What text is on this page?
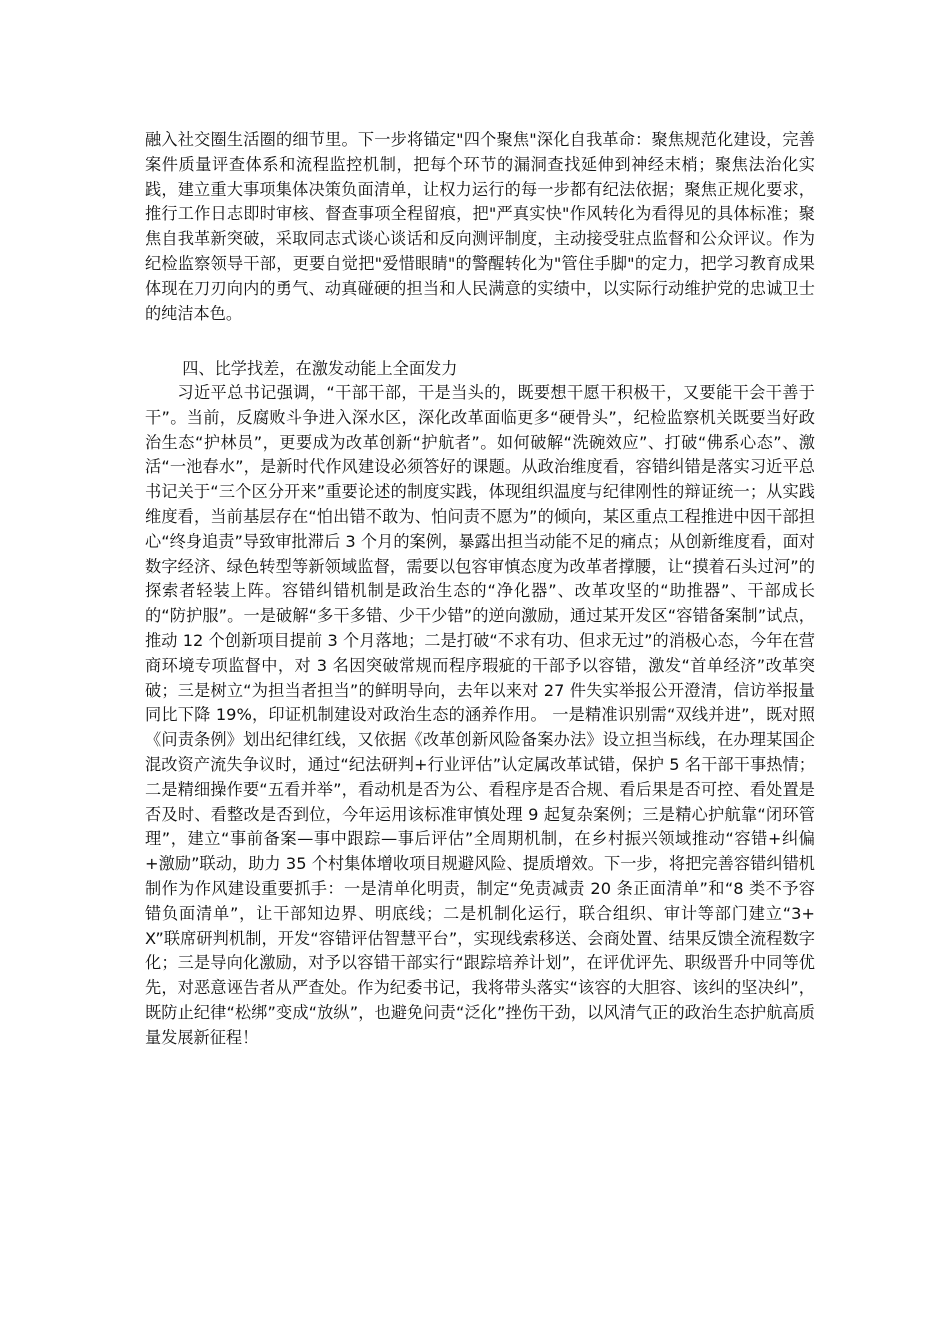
融入社交圈生活圈的细节里。下一步将锚定"四个聚焦"深化自我革命：聚焦规范化建设，完善案件质量评查体系和流程监控机制，把每个环节的漏洞查找延伸到神经末梢；聚焦法治化实践，建立重大事项集体决策负面清单，让权力运行的每一步都有纪法依据；聚焦正规化要求，推行工作日志即时审核、督查事项全程留痕，把"严真实快"作风转化为看得见的具体标准；聚焦自我革新突破，采取同志式谈心谈话和反向测评制度，主动接受驻点监督和公众评议。作为纪检监察领导干部，更要自觉把"爱惜眼睛"的警醒转化为"管住手脚"的定力，把学习教育成果体现在刀刃向内的勇气、动真碰硬的担当和人民满意的实绩中，以实际行动维护党的忠诚卫士的纯洁本色。

四、比学找差，在激发动能上全面发力

习近平总书记强调，“干部干部，干是当头的，既要想干愿干积极干，又要能干会干善于干”。当前，反腐败斗争进入深水区，深化改革面临更多“硬骨头”，纪检监察机关既要当好政治生态“护林员”，更要成为改革创新“护航者”。如何破解“洗碗效应”、打破“佛系心态”、激活“一池春水”，是新时代作风建设必须答好的课题。从政治维度看，容错纠错是落实习近平总书记关于“三个区分开来”重要论述的制度实践，体现组织温度与纪律刚性的辩证统一；从实践维度看，当前基层存在“怕出错不敢为、怕问责不愿为”的倾向，某区重点工程推进中因干部担心“终身追责”导致审批滞后 3 个月的案例，暴露出担当动能不足的痛点；从创新维度看，面对数字经济、绿色转型等新领域监督，需要以包容审慎态度为改革者撑腰，让“摸着石头过河”的探索者轻装上阵。容错纠错机制是政治生态的“净化器”、改革攻坚的“助推器”、干部成长的“防护服”。一是破解“多干多错、少干少错”的逆向激励，通过某开发区“容错备案制”试点，推动 12 个创新项目提前 3 个月落地；二是打破“不求有功、但求无过”的消极心态，今年在营商环境专项监督中，对 3 名因突破常规而程序瑕疵的干部予以容错，激发“首单经济”改革突破；三是树立“为担当者担当”的鲜明导向，去年以来对 27 件失实举报公开澄清，信访举报量同比下降 19%，印证机制建设对政治生态的涵养作用。 一是精准识别需“双线并进”，既对照《问责条例》划出纪律红线，又依据《改革创新风险备案办法》设立担当标线，在办理某国企混改资产流失争议时，通过“纪法研判+行业评估”认定属改革试错，保护 5 名干部干事热情；二是精细操作要“五看并举”，看动机是否为公、看程序是否合规、看后果是否可控、看处置是否及时、看整改是否到位，今年运用该标准审慎处理 9 起复杂案例；三是精心护航靠“闭环管理”，建立“事前备案—事中跟踪—事后评估”全周期机制，在乡村振兴领域推动“容错+纠偏+激励”联动，助力 35 个村集体增收项目规避风险、提质增效。下一步，将把完善容错纠错机制作为作风建设重要抓手：一是清单化明责，制定“免责减责 20 条正面清单”和“8 类不予容错负面清单”，让干部知边界、明底线；二是机制化运行，联合组织、审计等部门建立“3+X”联席研判机制，开发“容错评估智慧平台”，实现线索移送、会商处置、结果反馈全流程数字化；三是导向化激励，对予以容错干部实行“跟踪培养计划”，在评优评先、职级晋升中同等优先，对恶意诬告者从严查处。作为纪委书记，我将带头落实“该容的大胆容、该纠的坚决纠”，既防止纪律“松绑”变成“放纵”，也避免问责“泛化”挫伤干劲，以风清气正的政治生态护航高质量发展新征程！
